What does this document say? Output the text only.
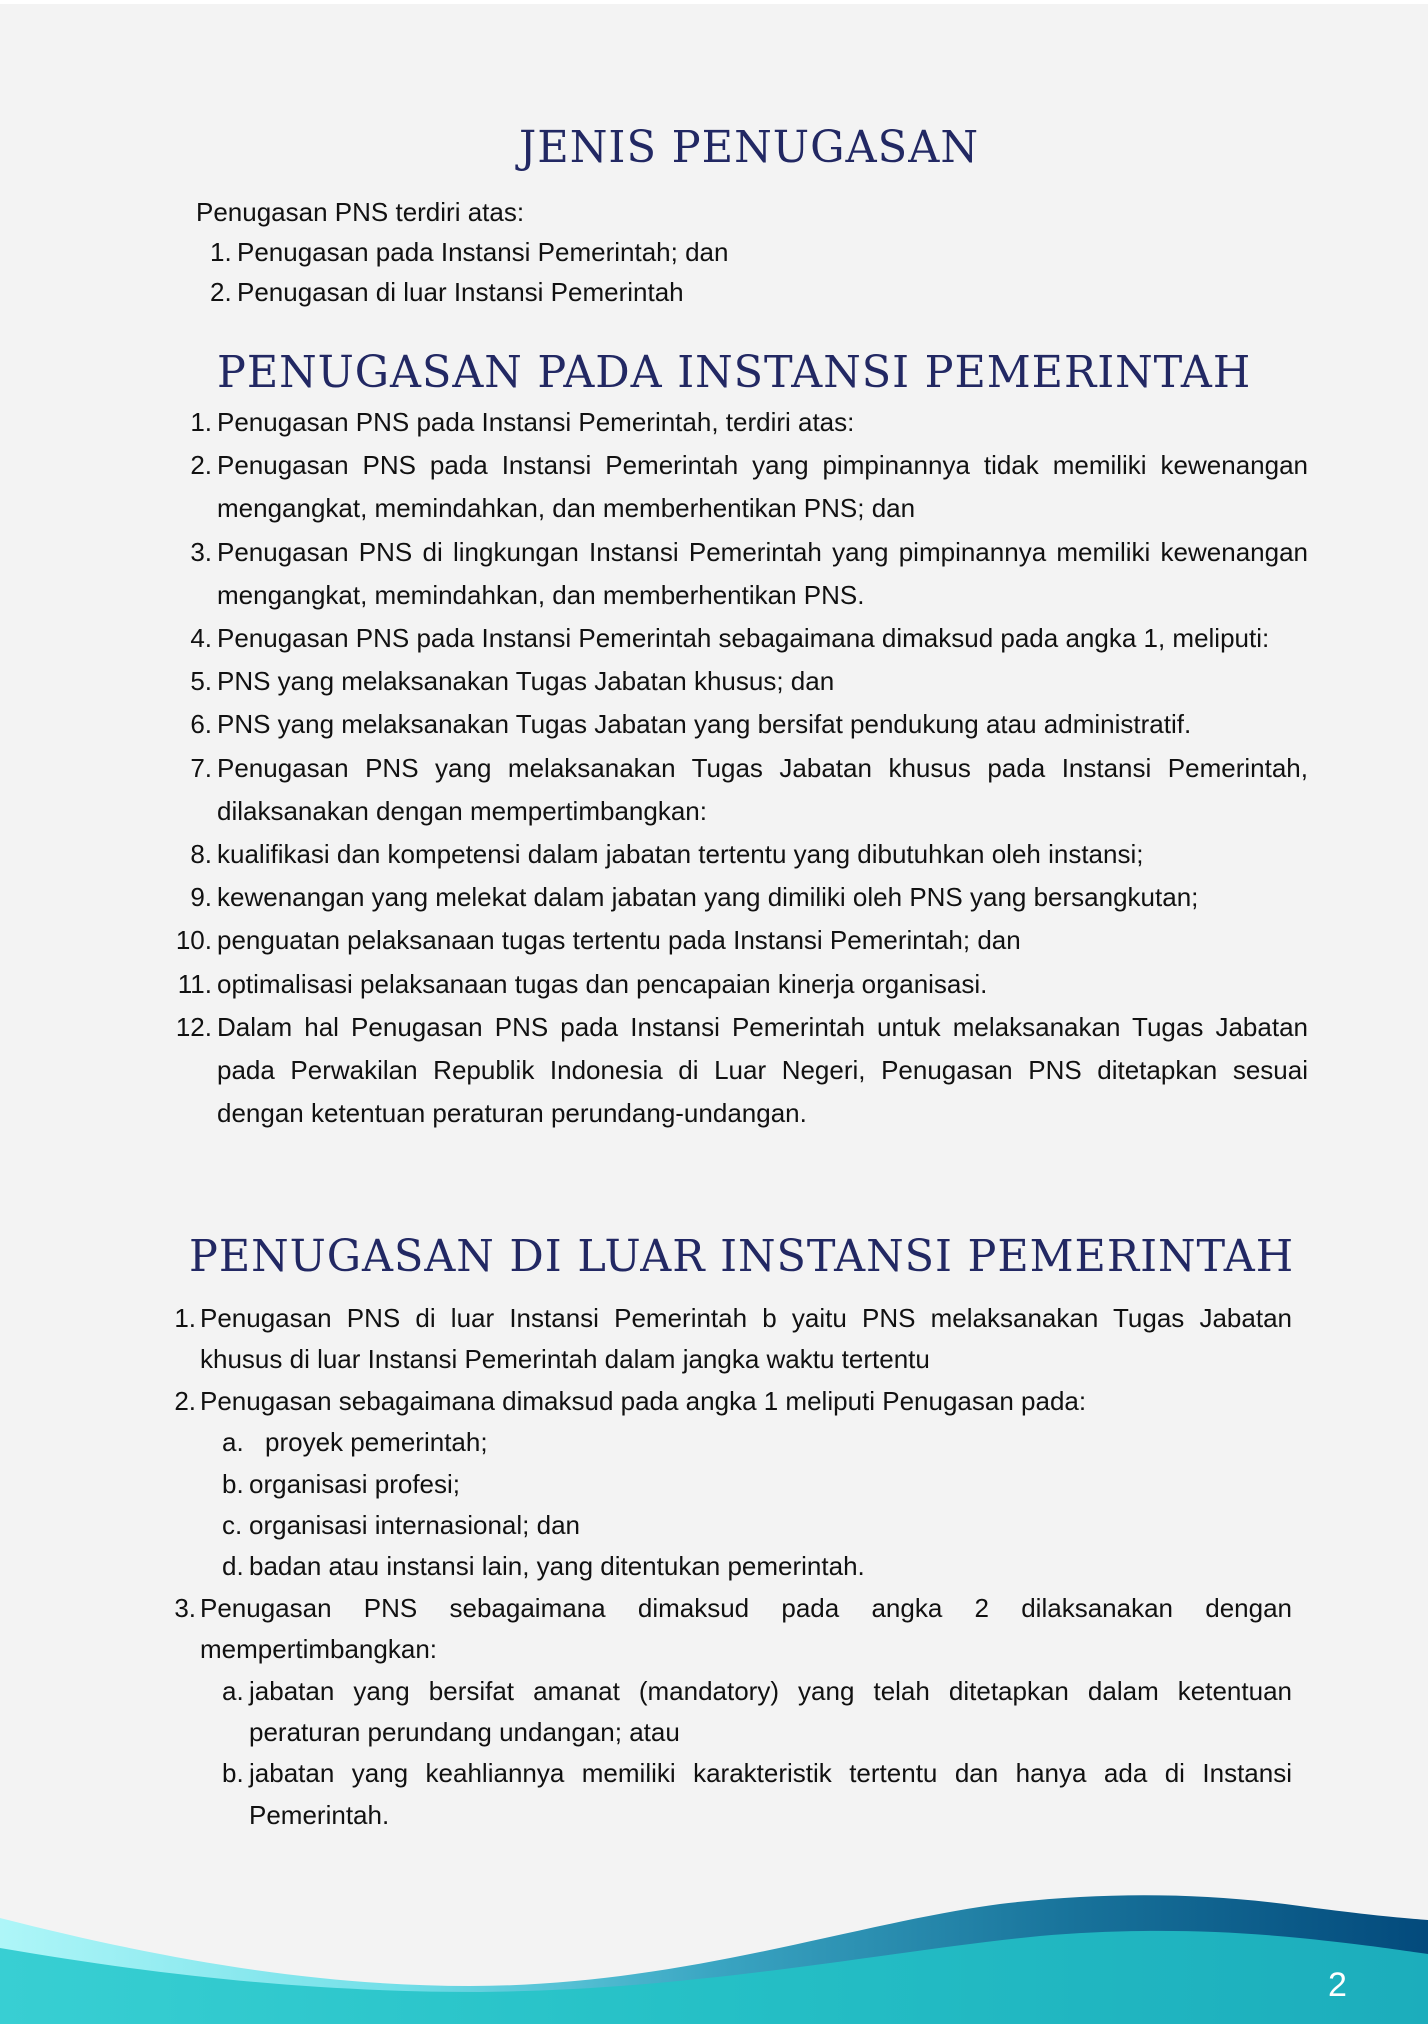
JENIS PENUGASAN
Penugasan PNS terdiri atas:
1. Penugasan pada Instansi Pemerintah; dan
2. Penugasan di luar Instansi Pemerintah
PENUGASAN PADA INSTANSI PEMERINTAH
1. Penugasan PNS pada Instansi Pemerintah, terdiri atas:
2. Penugasan PNS pada Instansi Pemerintah yang pimpinannya tidak memiliki kewenangan mengangkat, memindahkan, dan memberhentikan PNS; dan
3. Penugasan PNS di lingkungan Instansi Pemerintah yang pimpinannya memiliki kewenangan mengangkat, memindahkan, dan memberhentikan PNS.
4. Penugasan PNS pada Instansi Pemerintah sebagaimana dimaksud pada angka 1, meliputi:
5. PNS yang melaksanakan Tugas Jabatan khusus; dan
6. PNS yang melaksanakan Tugas Jabatan yang bersifat pendukung atau administratif.
7. Penugasan PNS yang melaksanakan Tugas Jabatan khusus pada Instansi Pemerintah, dilaksanakan dengan mempertimbangkan:
8. kualifikasi dan kompetensi dalam jabatan tertentu yang dibutuhkan oleh instansi;
9. kewenangan yang melekat dalam jabatan yang dimiliki oleh PNS yang bersangkutan;
10. penguatan pelaksanaan tugas tertentu pada Instansi Pemerintah; dan
11. optimalisasi pelaksanaan tugas dan pencapaian kinerja organisasi.
12. Dalam hal Penugasan PNS pada Instansi Pemerintah untuk melaksanakan Tugas Jabatan pada Perwakilan Republik Indonesia di Luar Negeri, Penugasan PNS ditetapkan sesuai dengan ketentuan peraturan perundang-undangan.
PENUGASAN DI LUAR INSTANSI PEMERINTAH
1. Penugasan PNS di luar Instansi Pemerintah b yaitu PNS melaksanakan Tugas Jabatan khusus di luar Instansi Pemerintah dalam jangka waktu tertentu
2. Penugasan sebagaimana dimaksud pada angka 1 meliputi Penugasan pada:
a. proyek pemerintah;
b. organisasi profesi;
c. organisasi internasional; dan
d. badan atau instansi lain, yang ditentukan pemerintah.
3. Penugasan PNS sebagaimana dimaksud pada angka 2 dilaksanakan dengan mempertimbangkan:
a. jabatan yang bersifat amanat (mandatory) yang telah ditetapkan dalam ketentuan peraturan perundang undangan; atau
b. jabatan yang keahliannya memiliki karakteristik tertentu dan hanya ada di Instansi Pemerintah.
2
